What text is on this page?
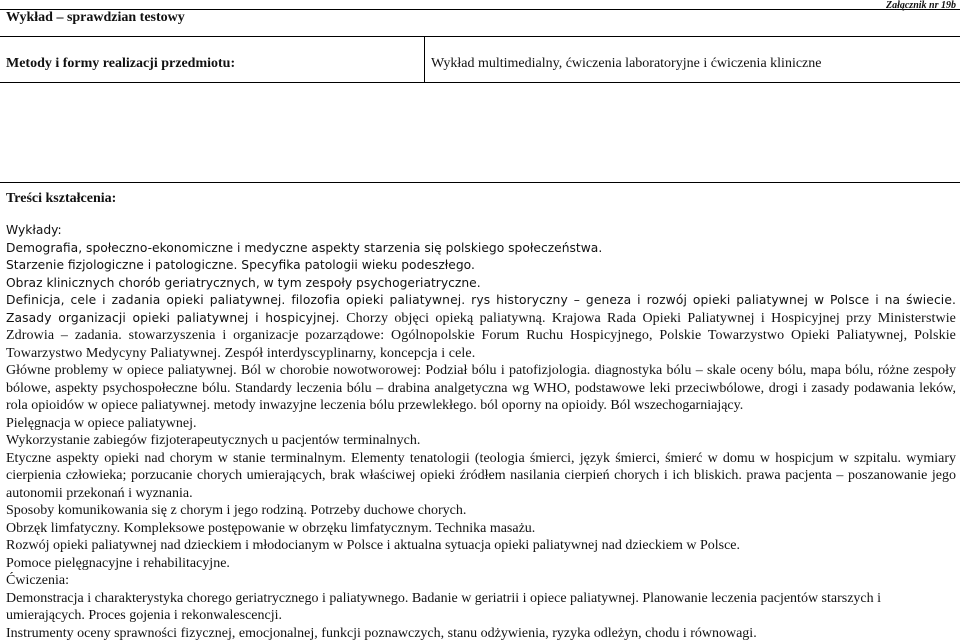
Załącznik nr 19b
Wykład – sprawdzian testowy
Metody i formy realizacji przedmiotu:	Wykład multimedialny, ćwiczenia laboratoryjne i ćwiczenia kliniczne
Treści kształcenia:

Wykłady:

Demografia, społeczno-ekonomiczne i medyczne aspekty starzenia się polskiego społeczeństwa.

Starzenie fizjologiczne i patologiczne. Specyfika patologii wieku podeszłego.

Obraz klinicznych chorób geriatrycznych, w tym zespoły psychogeriatryczne.

Definicja, cele i zadania opieki paliatywnej. filozofia opieki paliatywnej. rys historyczny – geneza i rozwój opieki paliatywnej w Polsce i na świecie. Zasady organizacji opieki paliatywnej i hospicyjnej. Chorzy objęci opieką paliatywną. Krajowa Rada Opieki Paliatywnej i Hospicyjnej przy Ministerstwie Zdrowia – zadania. stowarzyszenia i organizacje pozarządowe: Ogólnopolskie Forum Ruchu Hospicyjnego, Polskie Towarzystwo Opieki Paliatywnej, Polskie Towarzystwo Medycyny Paliatywnej. Zespół interdyscyplinarny, koncepcja i cele.

Główne problemy w opiece paliatywnej. Ból w chorobie nowotworowej: Podział bólu i patofizjologia. diagnostyka bólu – skale oceny bólu, mapa bólu, różne zespoły bólowe, aspekty psychospołeczne bólu. Standardy leczenia bólu – drabina analgetyczna wg WHO, podstawowe leki przeciwbólowe, drogi i zasady podawania leków, rola opioidów w opiece paliatywnej. metody inwazyjne leczenia bólu przewlekłego. ból oporny na opioidy. Ból wszechogarniający.

Pielęgnacja w opiece paliatywnej.

Wykorzystanie zabiegów fizjoterapeutycznych u pacjentów terminalnych.

Etyczne aspekty opieki nad chorym w stanie terminalnym. Elementy tenatologii (teologia śmierci, język śmierci, śmierć w domu w hospicjum w szpitalu. wymiary cierpienia człowieka; porzucanie chorych umierających, brak właściwej opieki źródłem nasilania cierpień chorych i ich bliskich. prawa pacjenta – poszanowanie jego autonomii przekonań i wyznania.

Sposoby komunikowania się z chorym i jego rodziną. Potrzeby duchowe chorych.

Obrzęk limfatyczny. Kompleksowe postępowanie w obrzęku limfatycznym. Technika masażu.

Rozwój opieki paliatywnej nad dzieckiem i młodocianym w Polsce i aktualna sytuacja opieki paliatywnej nad dzieckiem w Polsce.

Pomoce pielęgnacyjne i rehabilitacyjne.

Ćwiczenia:

Demonstracja i charakterystyka chorego geriatrycznego i paliatywnego. Badanie w geriatrii i opiece paliatywnej. Planowanie leczenia pacjentów starszych i umierających. Proces gojenia i rekonwalescencji.

Instrumenty oceny sprawności fizycznej, emocjonalnej, funkcji poznawczych, stanu odżywienia, ryzyka odleżyn, chodu i równowagi.
